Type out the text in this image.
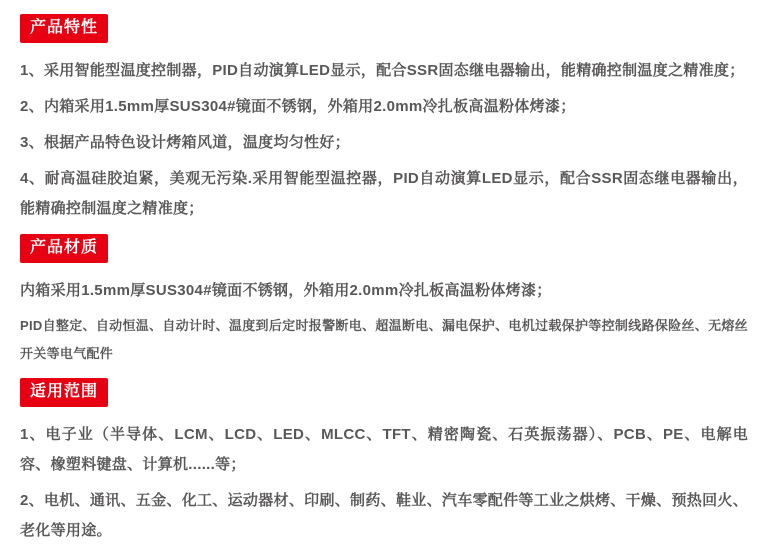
产品特性

1、采用智能型温度控制器，PID自动演算LED显示，配合SSR固态继电器输出，能精确控制温度之精准度；

2、内箱采用1.5mm厚SUS304#镜面不锈钢，外箱用2.0mm冷扎板高温粉体烤漆；

3、根据产品特色设计烤箱风道，温度均匀性好；

4、耐高温硅胶迫紧，美观无污染.采用智能型温控器，PID自动演算LED显示，配合SSR固态继电器输出，能精确控制温度之精准度；

产品材质

内箱采用1.5mm厚SUS304#镜面不锈钢，外箱用2.0mm冷扎板高温粉体烤漆；

PID自整定、自动恒温、自动计时、温度到后定时报警断电、超温断电、漏电保护、电机过载保护等控制线路保险丝、无熔丝开关等电气配件

适用范围

1、电子业（半导体、LCM、LCD、LED、MLCC、TFT、精密陶瓷、石英振荡器）、PCB、PE、电解电容、橡塑料键盘、计算机......等；

2、电机、通讯、五金、化工、运动器材、印刷、制药、鞋业、汽车零配件等工业之烘烤、干燥、预热回火、老化等用途。
